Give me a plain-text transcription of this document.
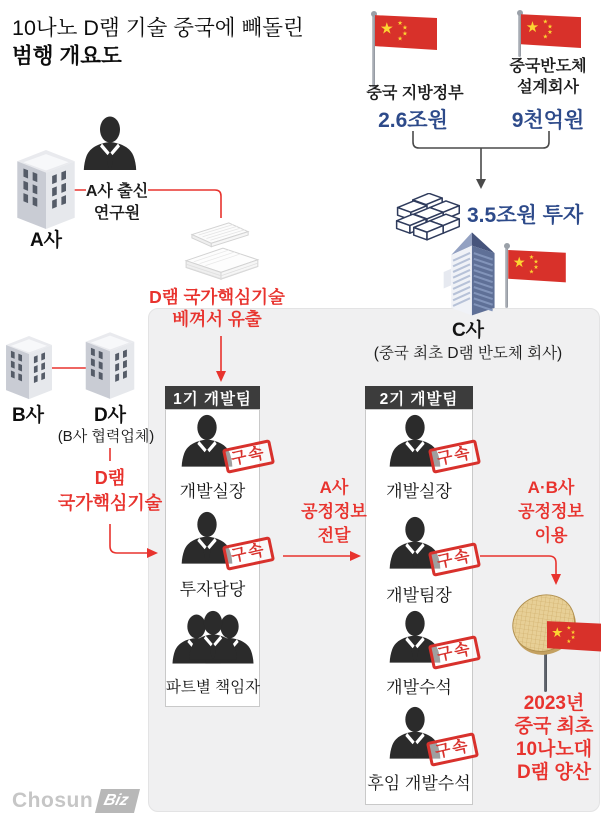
10나노 D램 기술 중국에 빼돌린
범행 개요도
중국 지방정부
2.6조원
중국반도체
설계회사
9천억원
3.5조원 투자
C사
(중국 최초 D램 반도체 회사)
A사
A사 출신
연구원
D램 국가핵심기술
베껴서 유출
B사	D사
(B사 협력업체)
D램
국가핵심기술
1기 개발팀
구속
개발실장
구속
투자담당
파트별 책임자
A사
공정정보
전달
2기 개발팀
구속
개발실장
구속
개발팀장
구속
개발수석
구속
후임 개발수석
A·B사
공정정보
이용
2023년
중국 최초
10나노대
D램 양산
Chosun Biz
